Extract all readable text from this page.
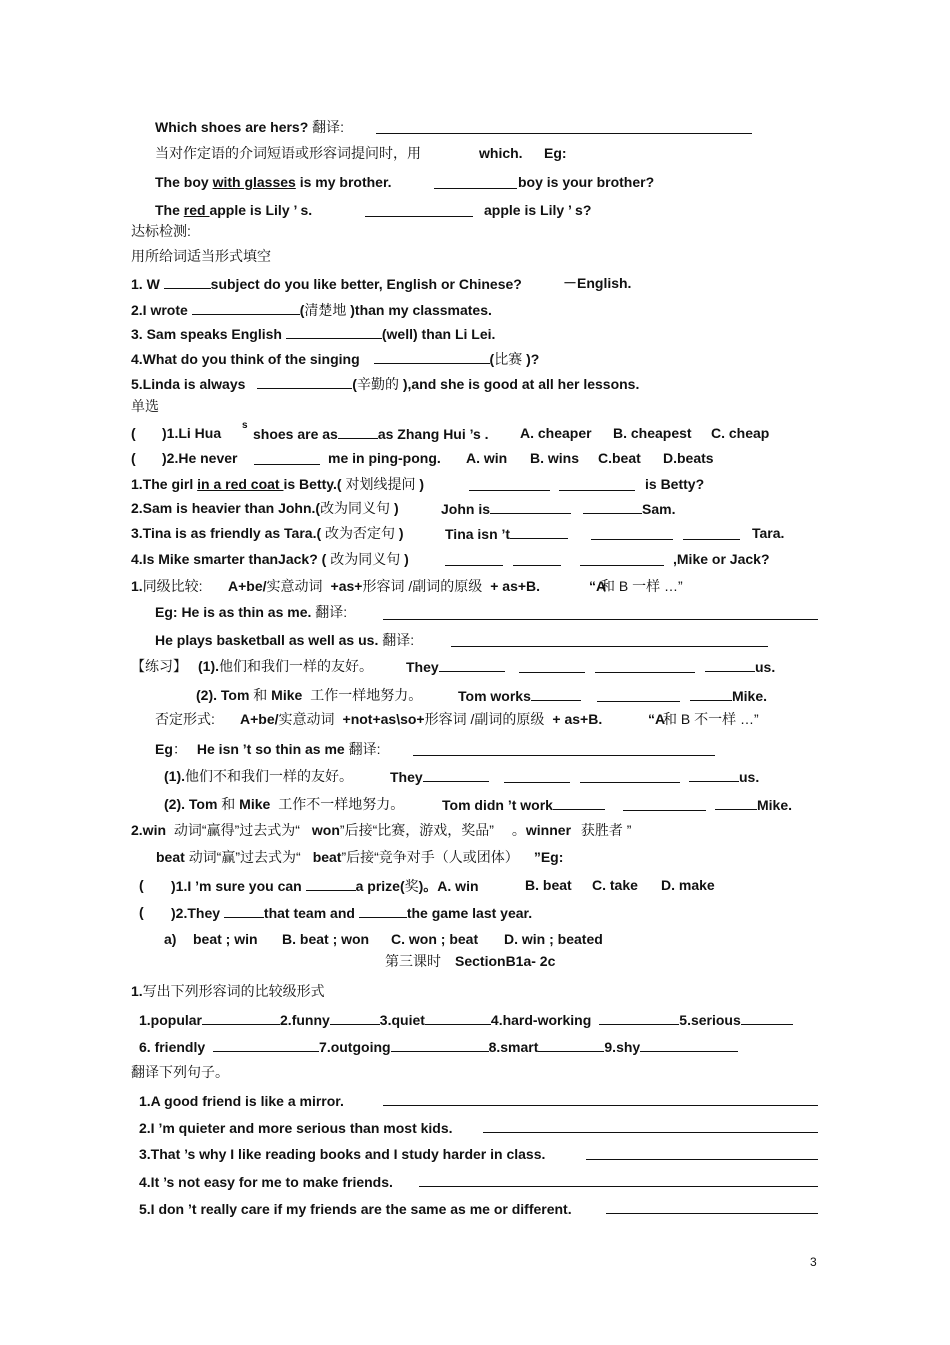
Which shoes are hers? 翻译:
当对作定语的介词短语或形容词提问时，用	which. Eg:
The boy with glasses is my brother.	boy is your brother?
The red apple is Lily ’ s.	apple is Lily ’ s?
达标检测:
用所给词适当形式填空
1. W	subject do you like better, English or Chinese?	－English.
2.I wrote	(清楚地 )than my classmates.
3. Sam speaks English	(well) than Li Lei.
4.What do you think of the singing	(比赛 )?
5.Linda is always	(辛勤的 ),and she is good at all her lessons.
单选
( )1.Li Hua s
shoes are as	as Zhang Hui ’s . A. cheaper B. cheapest C. cheap
( )2.He never	me in ping-pong. A. win B. wins C.beat D.beats
1.The girl in a red coat is Betty.( 对划线提问 )	is Betty?
2.Sam is heavier than John.(改为同义句 )	John is	Sam.
3.Tina is as friendly as Tara.( 改为否定句 )	Tina isn ’t	Tara.
4.Is Mike smarter thanJack? ( 改为同义句 )	,Mike or Jack?
1.同级比较: A+be/实意动词 +as+形容词 /副词的原级 + as+B.	“A
和 B 一样 …”
Eg: He is as thin as me. 翻译:
He plays basketball as well as us. 翻译:
【练习】 (1).他们和我们一样的友好。 They	us.
(2). Tom 和 Mike 工作一样地努力。	Tom works	Mike.
否定形式: A+be/实意动词 +not+as\so+形容词 /副词的原级 + as+B.	“A
和 B 不一样 …”
Eg： He isn ’t so thin as me 翻译:
(1).他们不和我们一样的友好。	They	us.
(2). Tom 和 Mike 工作不一样地努力。	Tom didn ’t work	Mike.
2.win 动词“赢得”过去式为“ won”后接“比赛，游戏，奖品” 。winner 获胜者 ”
beat 动词“赢”过去式为“ beat”后接“竞争对手（人或团体） ”Eg:
( )1.I ’m sure you can	a prize(奖)。A. win	B. beat C. take D. make
( )2.They	that team and	the game last year.
a) beat ; win B. beat ; won C. won ; beat D. win ; beated
第三课时 SectionB1a- 2c
1.写出下列形容词的比较级形式
1.popular	2.funny	3.quiet	4.hard-working	5.serious
6. friendly	7.outgoing	8.smart	9.shy
翻译下列句子。
1.A good friend is like a mirror.
2.I ’m quieter and more serious than most kids.
3.That ’s why I like reading books and I study harder in class.
4.It ’s not easy for me to make friends.
5.I don ’t really care if my friends are the same as me or different.
3
